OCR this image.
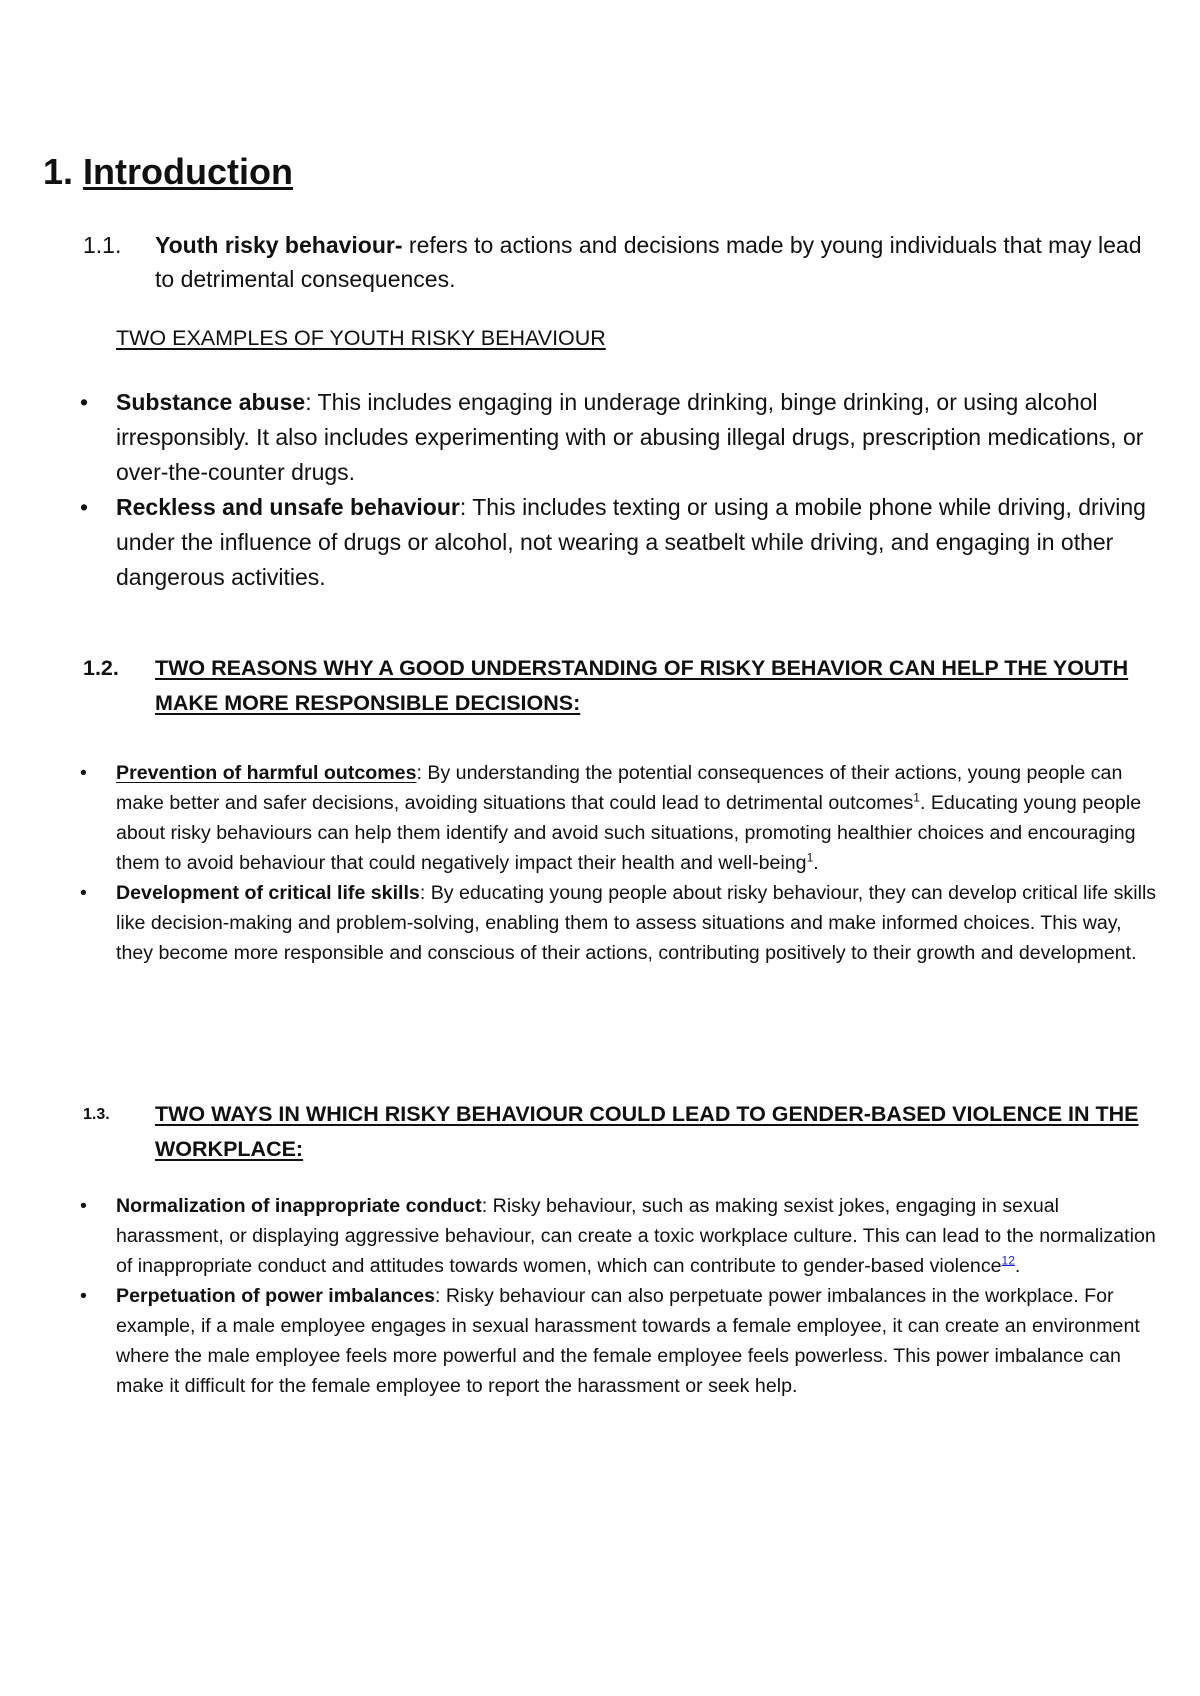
1. Introduction
1.1. Youth risky behaviour- refers to actions and decisions made by young individuals that may lead to detrimental consequences.
TWO EXAMPLES OF YOUTH RISKY BEHAVIOUR
• Substance abuse: This includes engaging in underage drinking, binge drinking, or using alcohol irresponsibly. It also includes experimenting with or abusing illegal drugs, prescription medications, or over-the-counter drugs.
• Reckless and unsafe behaviour: This includes texting or using a mobile phone while driving, driving under the influence of drugs or alcohol, not wearing a seatbelt while driving, and engaging in other dangerous activities.
1.2. TWO REASONS WHY A GOOD UNDERSTANDING OF RISKY BEHAVIOR CAN HELP THE YOUTH MAKE MORE RESPONSIBLE DECISIONS:
• Prevention of harmful outcomes: By understanding the potential consequences of their actions, young people can make better and safer decisions, avoiding situations that could lead to detrimental outcomes$^1$. Educating young people about risky behaviours can help them identify and avoid such situations, promoting healthier choices and encouraging them to avoid behaviour that could negatively impact their health and well-being$^1$.
• Development of critical life skills: By educating young people about risky behaviour, they can develop critical life skills like decision-making and problem-solving, enabling them to assess situations and make informed choices. This way, they become more responsible and conscious of their actions, contributing positively to their growth and development.
1.3. TWO WAYS IN WHICH RISKY BEHAVIOUR COULD LEAD TO GENDER-BASED VIOLENCE IN THE WORKPLACE:
• Normalization of inappropriate conduct: Risky behaviour, such as making sexist jokes, engaging in sexual harassment, or displaying aggressive behaviour, can create a toxic workplace culture. This can lead to the normalization of inappropriate conduct and attitudes towards women, which can contribute to gender-based violence$^{12}$.
• Perpetuation of power imbalances: Risky behaviour can also perpetuate power imbalances in the workplace. For example, if a male employee engages in sexual harassment towards a female employee, it can create an environment where the male employee feels more powerful and the female employee feels powerless. This power imbalance can make it difficult for the female employee to report the harassment or seek help.
